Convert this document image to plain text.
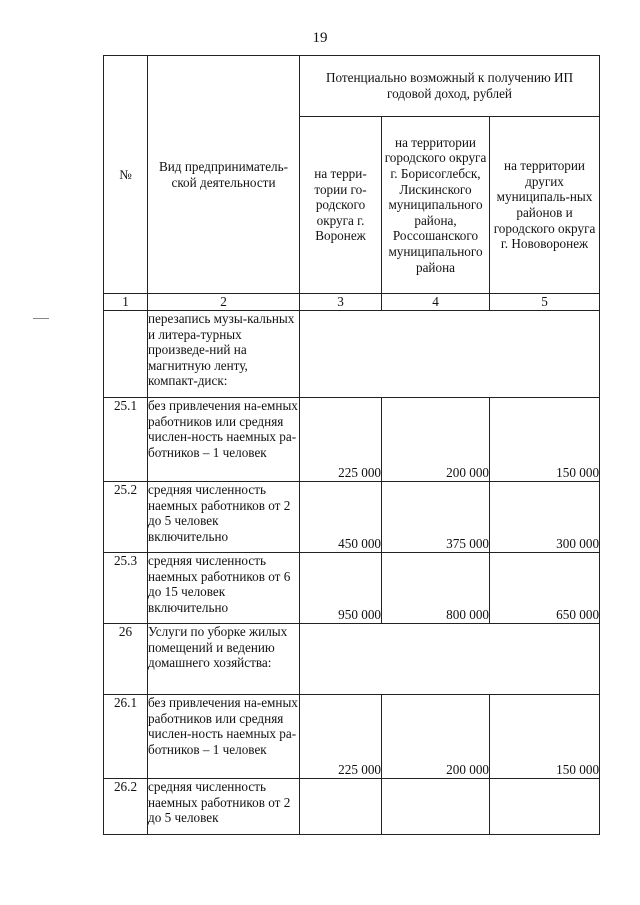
19
№	Вид предприниматель-ской деятельности	Потенциально возможный к получению ИП годовой доход, рублей		
		на терри-тории го-родского округа г. Воронеж	на территории городского округа г. Борисоглебск, Лискинского муниципального района, Россошанского муниципального района	на территории других муниципаль-ных районов и городского округа г. Нововоронеж
1	2	3	4	5
	перезапись музы-кальных и литера-турных произведе-ний на магнитную ленту, компакт-диск:			
25.1	без привлечения на-емных работников или средняя числен-ность наемных ра-ботников – 1 человек	225 000	200 000	150 000
25.2	средняя численность наемных работников от 2 до 5 человек включительно	450 000	375 000	300 000
25.3	средняя численность наемных работников от 6 до 15 человек включительно	950 000	800 000	650 000
26	Услуги по уборке жилых помещений и ведению домашнего хозяйства:			
26.1	без привлечения на-емных работников или средняя числен-ность наемных ра-ботников – 1 человек	225 000	200 000	150 000
26.2	средняя численность наемных работников от 2 до 5 человек			
